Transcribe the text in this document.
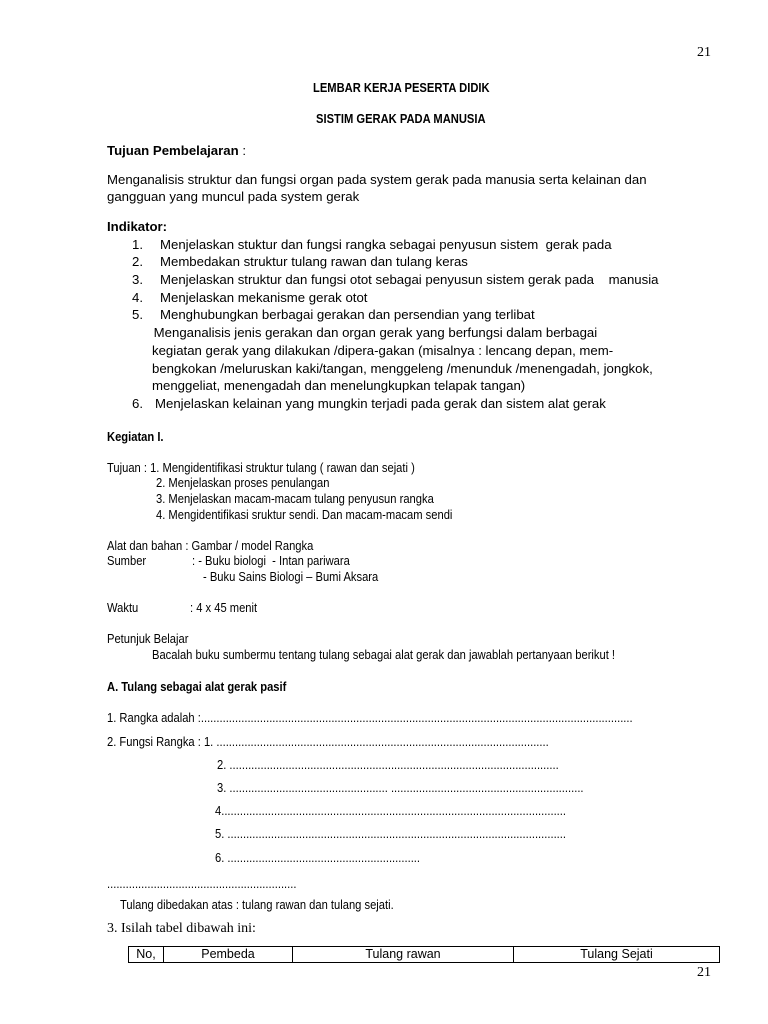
21
LEMBAR KERJA PESERTA DIDIK
SISTIM GERAK PADA MANUSIA
Tujuan Pembelajaran :
Menganalisis struktur dan fungsi organ pada system gerak pada manusia serta kelainan dan
gangguan yang muncul pada system gerak
Indikator:
1. Menjelaskan stuktur dan fungsi rangka sebagai penyusun sistem  gerak pada
2. Membedakan struktur tulang rawan dan tulang keras
3. Menjelaskan struktur dan fungsi otot sebagai penyusun sistem gerak pada    manusia
4. Menjelaskan mekanisme gerak otot
5. Menghubungkan berbagai gerakan dan persendian yang terlibat
Menganalisis jenis gerakan dan organ gerak yang berfungsi dalam berbagai
kegiatan gerak yang dilakukan /dipera-gakan (misalnya : lencang depan, mem-
bengkokan /meluruskan kaki/tangan, menggeleng /menunduk /menengadah, jongkok,
menggeliat, menengadah dan menelungkupkan telapak tangan)
6. Menjelaskan kelainan yang mungkin terjadi pada gerak dan sistem alat gerak
Kegiatan I.
Tujuan : 1. Mengidentifikasi struktur tulang ( rawan dan sejati )
2. Menjelaskan proses penulangan
3. Menjelaskan macam-macam tulang penyusun rangka
4. Mengidentifikasi sruktur sendi. Dan macam-macam sendi
Alat dan bahan : Gambar / model Rangka
Sumber	: - Buku biologi  - Intan pariwara
- Buku Sains Biologi – Bumi Aksara
Waktu	: 4 x 45 menit
Petunjuk Belajar
Bacalah buku sumbermu tentang tulang sebagai alat gerak dan jawablah pertanyaan berikut !
A. Tulang sebagai alat gerak pasif
1. Rangka adalah :...........................................................................................................................................
2. Fungsi Rangka : 1. ...........................................................................................................
2. ..........................................................................................................
3. ................................................... ..............................................................
4...............................................................................................................
5. .............................................................................................................
6. ..............................................................
.............................................................
Tulang dibedakan atas : tulang rawan dan tulang sejati.
3. Isilah tabel dibawah ini:
No,	Pembeda	Tulang rawan	Tulang Sejati
21
